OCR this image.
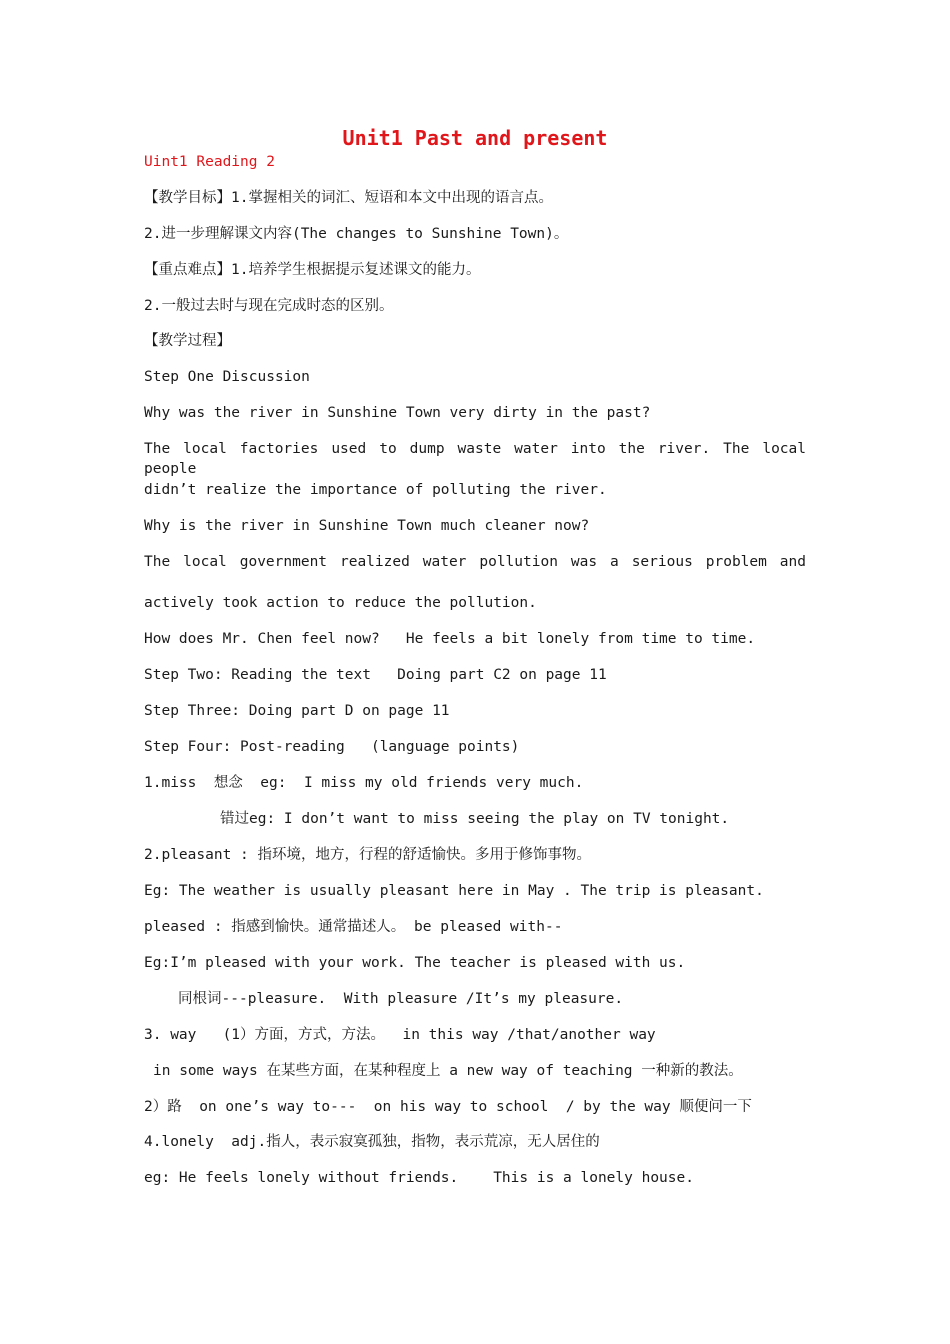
Unit1 Past and present
Uint1 Reading 2
【教学目标】1.掌握相关的词汇、短语和本文中出现的语言点。
2.进一步理解课文内容(The changes to Sunshine Town)。
【重点难点】1.培养学生根据提示复述课文的能力。
2.一般过去时与现在完成时态的区别。
【教学过程】
Step One Discussion
Why was the river in Sunshine Town very dirty in the past?
The local factories used to dump waste water into the river. The local people
didn’t realize the importance of polluting the river.
Why is the river in Sunshine Town much cleaner now?
The local government realized water pollution was a serious problem and
actively took action to reduce the pollution.
How does Mr. Chen feel now?   He feels a bit lonely from time to time.
Step Two: Reading the text   Doing part C2 on page 11
Step Three: Doing part D on page 11
Step Four: Post-reading   (language points)
1.miss  想念  eg:  I miss my old friends very much.
错过eg: I don’t want to miss seeing the play on TV tonight.
2.pleasant : 指环境，地方，行程的舒适愉快。多用于修饰事物。
Eg: The weather is usually pleasant here in May . The trip is pleasant.
pleased : 指感到愉快。通常描述人。 be pleased with--
Eg:I’m pleased with your work. The teacher is pleased with us.
同根词---pleasure.  With pleasure /It’s my pleasure.
3. way   (1）方面，方式，方法。  in this way /that/another way
in some ways 在某些方面，在某种程度上 a new way of teaching 一种新的教法。
2）路  on one’s way to---  on his way to school  / by the way 顺便问一下
4.lonely  adj.指人，表示寂寞孤独，指物，表示荒凉，无人居住的
eg: He feels lonely without friends.    This is a lonely house.
